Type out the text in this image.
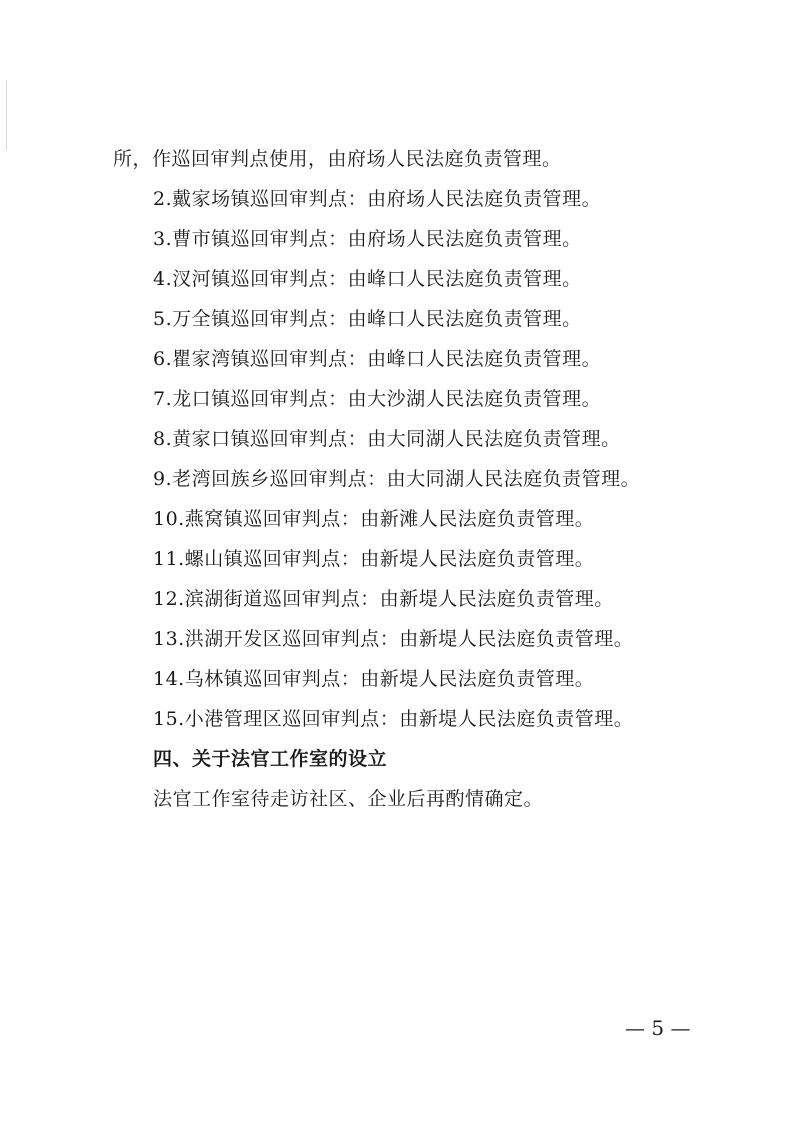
所，作巡回审判点使用，由府场人民法庭负责管理。
2.戴家场镇巡回审判点：由府场人民法庭负责管理。
3.曹市镇巡回审判点：由府场人民法庭负责管理。
4.汊河镇巡回审判点：由峰口人民法庭负责管理。
5.万全镇巡回审判点：由峰口人民法庭负责管理。
6.瞿家湾镇巡回审判点：由峰口人民法庭负责管理。
7.龙口镇巡回审判点：由大沙湖人民法庭负责管理。
8.黄家口镇巡回审判点：由大同湖人民法庭负责管理。
9.老湾回族乡巡回审判点：由大同湖人民法庭负责管理。
10.燕窝镇巡回审判点：由新滩人民法庭负责管理。
11.螺山镇巡回审判点：由新堤人民法庭负责管理。
12.滨湖街道巡回审判点：由新堤人民法庭负责管理。
13.洪湖开发区巡回审判点：由新堤人民法庭负责管理。
14.乌林镇巡回审判点：由新堤人民法庭负责管理。
15.小港管理区巡回审判点：由新堤人民法庭负责管理。
四、关于法官工作室的设立
法官工作室待走访社区、企业后再酌情确定。
— 5 —
